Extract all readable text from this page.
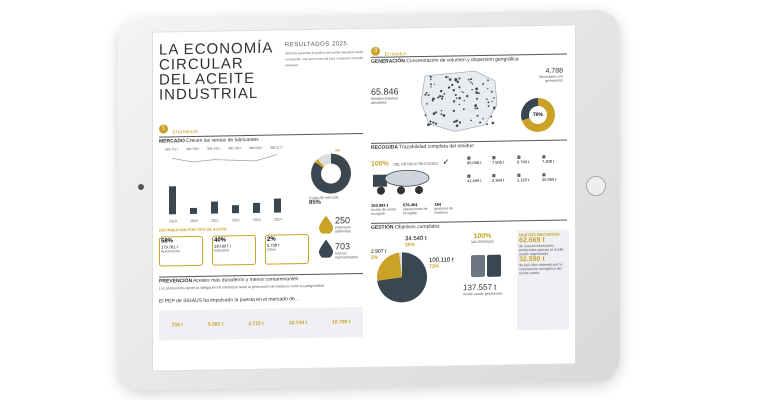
LA ECONOMÍA
CIRCULAR
DEL ACEITE
INDUSTRIAL
RESULTADOS 2025

SIGAUS garantiza la gestión del aceite industrial usado en España, una tarea esencial para conservar el medio ambiente.

1 El producto
MERCADO Crecen las ventas de lubricantes
2019
349.711 t
2020
336.795 t
2021
393.145 t
2022
385.785 t
2023
349.048 t
2024
380.217 t
3%
Cuota de mercado
85%
250
empresas adheridas
703
marcas representadas
DISTRIBUCIÓN POR TIPO DE ACEITE
58%
179.781 t
Automoción
40%
120.697 t
Industrial
2%
5.738 t
Otros
PREVENCIÓN Aceites más duraderos y menos contaminantes
Los productores tienen la obligación de minimizar tanto la generación de residuos como su peligrosidad.
El PEP de SIGAUS ha impulsado la puesta en el mercado de...
734 t	5.083 t	2.715 t	20.734 t	10.790 t
3 El residuo
GENERACIÓN Concentración de volumen y dispersión geográfica
65.846
Establecimientos atendidos
4.788
Municipios con generación
70%
RECOGIDA Trazabilidad completa del residuo
100% DEL RESIDUO RECOGIDO ✓
153.993 t
Aceite de motor recogido
576.404
operaciones de recogida
164
gestores de residuos
▦
65.006 t
▦
7.505 t
▦
6.749 t
▦
7.308 t
▦
41.499 t
▦
2.394 t
▦
1.120 t
▦
25.950 t
GESTIÓN Objetivos cumplidos
34.540 t
25%
100.110 t
73%
2.907 t
2%
100%
VALORIZADO
137.557 t
Aceite usado gestionado
NUEVOS RECURSOS
62.669 t
de nuevos lubricantes producidos gracias al aceite usado regenerado.
32.590 t
de fuel óleo obtenido por la valorización energética del aceite usado.
